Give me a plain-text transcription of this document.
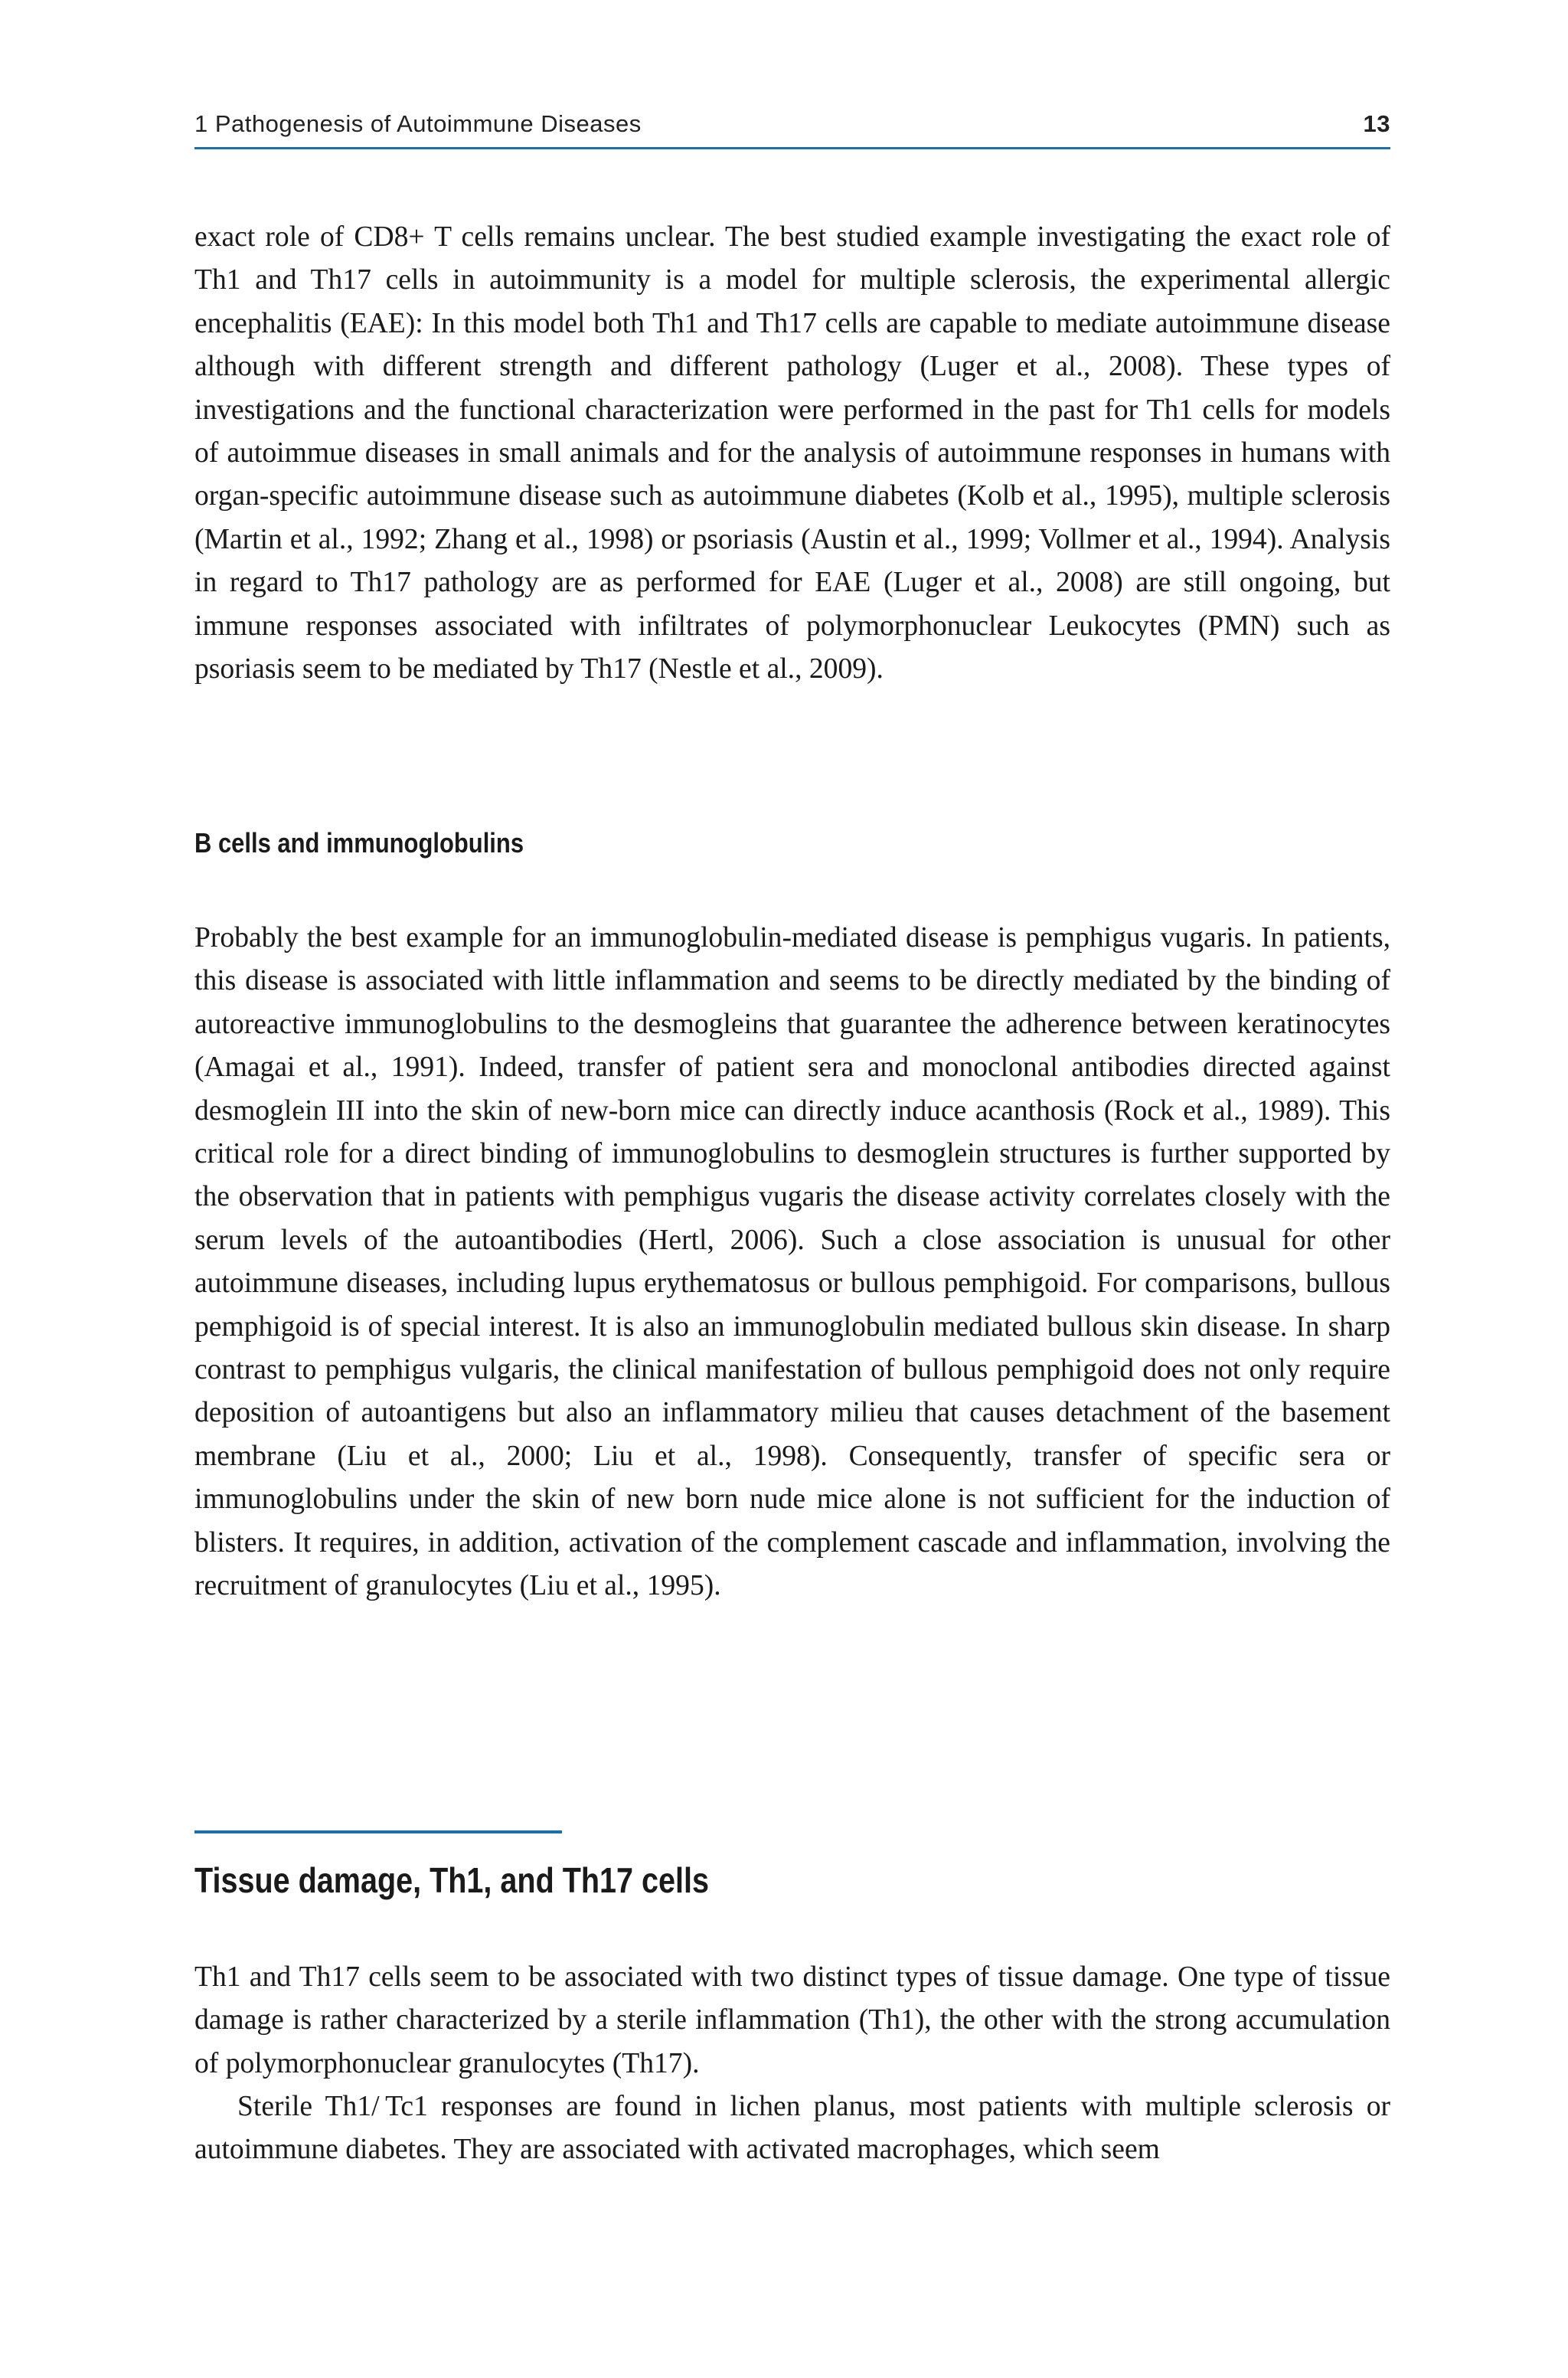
1 Pathogenesis of Autoimmune Diseases	13

exact role of CD8+ T cells remains unclear. The best studied example investigating the exact role of Th1 and Th17 cells in autoimmunity is a model for multiple sclerosis, the experimental allergic encephalitis (EAE): In this model both Th1 and Th17 cells are capable to mediate autoimmune disease although with different strength and different pathology (Luger et al., 2008). These types of investigations and the functional characterization were performed in the past for Th1 cells for models of autoimmue diseases in small animals and for the analysis of autoimmune responses in humans with organ-specific autoimmune disease such as autoimmune diabetes (Kolb et al., 1995), multiple sclerosis (Martin et al., 1992; Zhang et al., 1998) or psoriasis (Austin et al., 1999; Vollmer et al., 1994). Analysis in regard to Th17 pathology are as performed for EAE (Luger et al., 2008) are still ongoing, but immune responses associated with infiltrates of polymorphonuclear Leukocytes (PMN) such as psoriasis seem to be mediated by Th17 (Nestle et al., 2009).

B cells and immunoglobulins

Probably the best example for an immunoglobulin-mediated disease is pemphigus vugaris. In patients, this disease is associated with little inflammation and seems to be directly mediated by the binding of autoreactive immunoglobulins to the desmogleins that guarantee the adherence between keratinocytes (Amagai et al., 1991). Indeed, transfer of patient sera and monoclonal antibodies directed against desmoglein III into the skin of new-born mice can directly induce acanthosis (Rock et al., 1989). This critical role for a direct binding of immunoglobulins to desmoglein structures is further supported by the observation that in patients with pemphigus vugaris the disease activity correlates closely with the serum levels of the autoantibodies (Hertl, 2006). Such a close association is unusual for other autoimmune diseases, including lupus erythematosus or bullous pemphigoid. For comparisons, bullous pemphigoid is of special interest. It is also an immunoglobulin mediated bullous skin disease. In sharp contrast to pemphigus vulgaris, the clinical manifestation of bullous pemphigoid does not only require deposition of autoantigens but also an inflammatory milieu that causes detachment of the basement membrane (Liu et al., 2000; Liu et al., 1998). Consequently, transfer of specific sera or immunoglobulins under the skin of new born nude mice alone is not sufficient for the induction of blisters. It requires, in addition, activation of the complement cascade and inflammation, involving the recruitment of granulocytes (Liu et al., 1995).

Tissue damage, Th1, and Th17 cells

Th1 and Th17 cells seem to be associated with two distinct types of tissue damage. One type of tissue damage is rather characterized by a sterile inflammation (Th1), the other with the strong accumulation of polymorphonuclear granulocytes (Th17).

Sterile Th1/ Tc1 responses are found in lichen planus, most patients with multiple sclerosis or autoimmune diabetes. They are associated with activated macrophages, which seem
